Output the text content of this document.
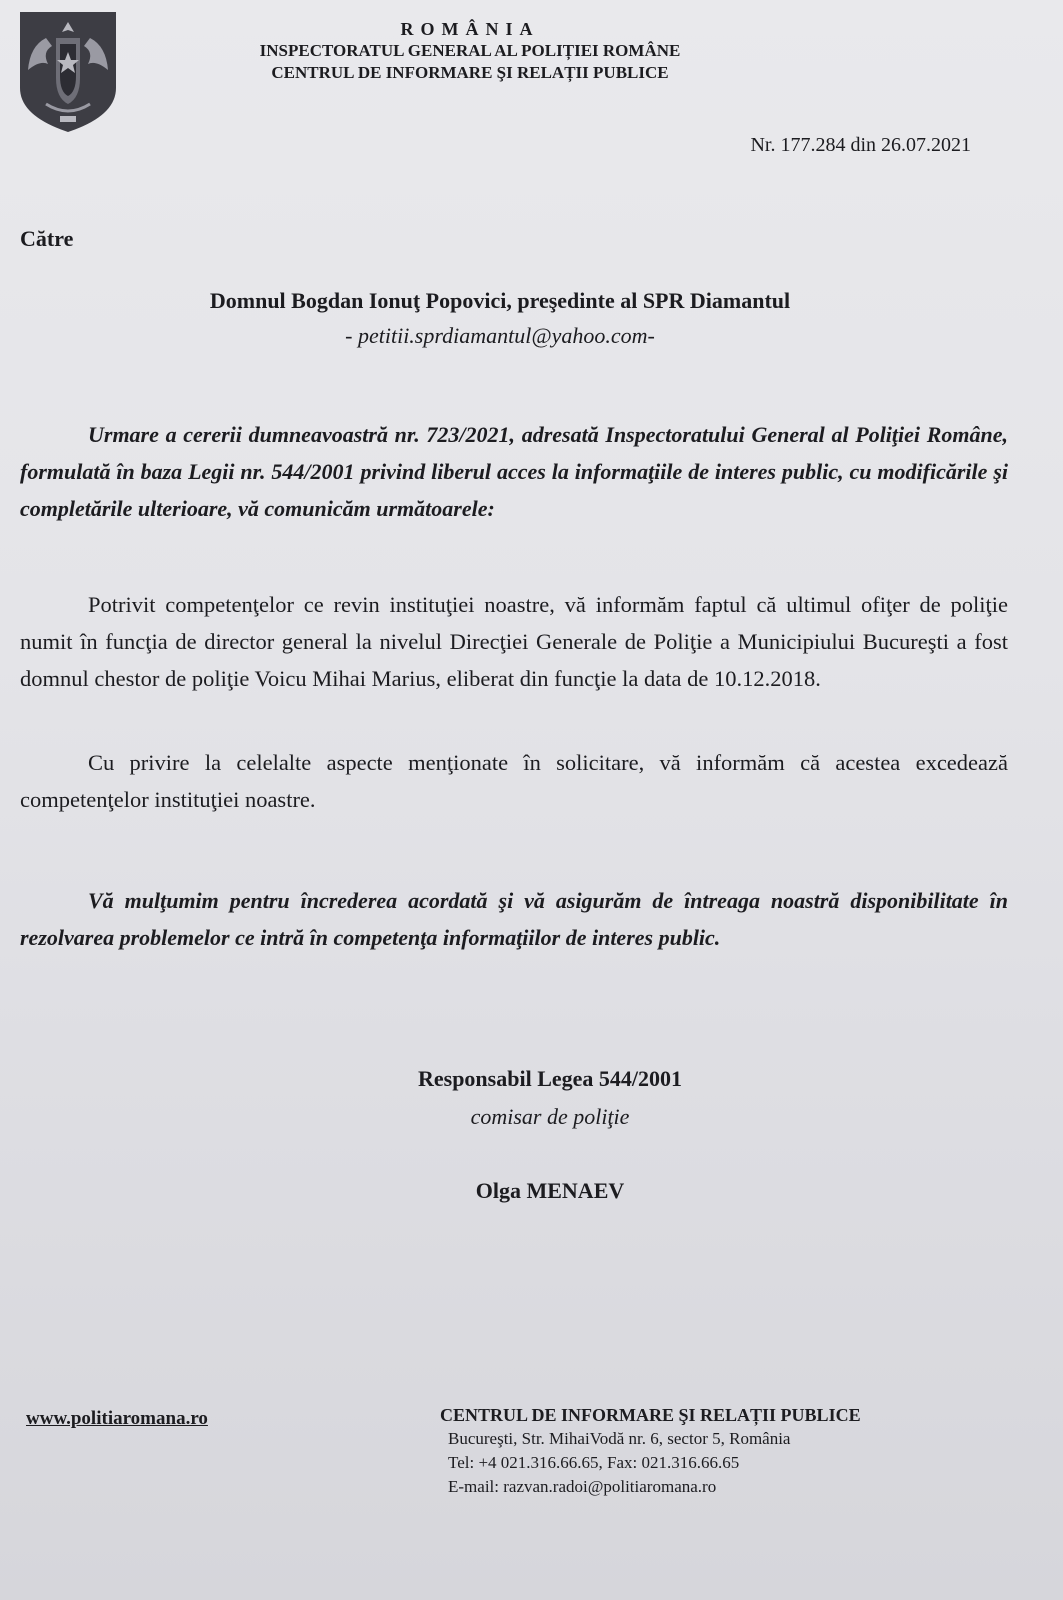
ROMÂNIA
INSPECTORATUL GENERAL AL POLIȚIEI ROMÂNE
CENTRUL DE INFORMARE ŞI RELAȚII PUBLICE
Nr. 177.284 din 26.07.2021
Către
Domnul Bogdan Ionuţ Popovici, preşedinte al SPR Diamantul
- petitii.sprdiamantul@yahoo.com-

Urmare a cererii dumneavoastră nr. 723/2021, adresată Inspectoratului General al Poliţiei Române, formulată în baza Legii nr. 544/2001 privind liberul acces la informaţiile de interes public, cu modificările şi completările ulterioare, vă comunicăm următoarele:

Potrivit competenţelor ce revin instituţiei noastre, vă informăm faptul că ultimul ofiţer de poliţie numit în funcţia de director general la nivelul Direcţiei Generale de Poliţie a Municipiului Bucureşti a fost domnul chestor de poliţie Voicu Mihai Marius, eliberat din funcţie la data de 10.12.2018.

Cu privire la celelalte aspecte menţionate în solicitare, vă informăm că acestea excedează competenţelor instituţiei noastre.

Vă mulţumim pentru încrederea acordată şi vă asigurăm de întreaga noastră disponibilitate în rezolvarea problemelor ce intră în competenţa informaţiilor de interes public.

Responsabil Legea 544/2001
comisar de poliţie
Olga MENAEV
www.politiaromana.ro	CENTRUL DE INFORMARE ŞI RELAȚII PUBLICE
Bucureşti, Str. MihaiVodă nr. 6, sector 5, România
Tel: +4 021.316.66.65, Fax: 021.316.66.65
E-mail: razvan.radoi@politiaromana.ro
